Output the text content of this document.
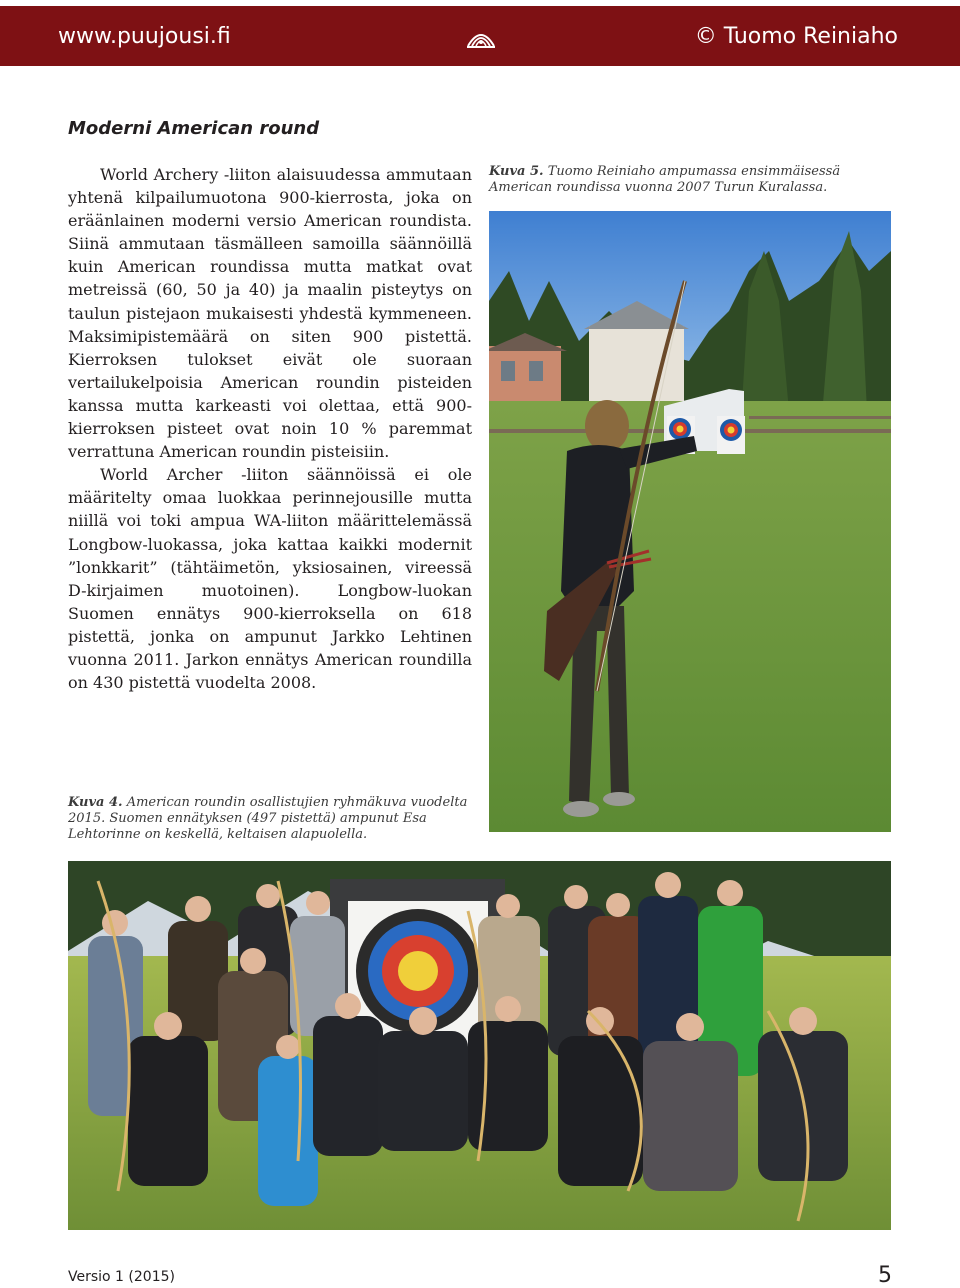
www.puujousi.fi	© Tuomo Reiniaho
Moderni American round

World Archery -liiton alaisuudessa ammutaan yhtenä kilpailumuotona 900-kierrosta, joka on eräänlainen moderni versio American roundista. Siinä ammutaan täsmälleen samoilla säännöillä kuin American roundissa mutta matkat ovat metreissä (60, 50 ja 40) ja maalin pisteytys on taulun pistejaon mukaisesti yhdestä kymmeneen. Maksimipistemäärä on siten 900 pistettä. Kierroksen tulokset eivät ole suoraan vertailukelpoisia American roundin pisteiden kanssa mutta karkeasti voi olettaa, että 900-kierroksen pisteet ovat noin 10 % paremmat verrattuna American roundin pisteisiin.

World Archer -liiton säännöissä ei ole määritelty omaa luokkaa perinnejousille mutta niillä voi toki ampua WA-liiton määrittelemässä Longbow-luokassa, joka kattaa kaikki modernit ”lonkkarit” (tähtäimetön, yksiosainen, vireessä D-kirjaimen muotoinen). Longbow-luokan Suomen ennätys 900-kierroksella on 618 pistettä, jonka on ampunut Jarkko Lehtinen vuonna 2011. Jarkon ennätys American roundilla on 430 pistettä vuodelta 2008.

Kuva 5. Tuomo Reiniaho ampumassa ensimmäisessä American roundissa vuonna 2007 Turun Kuralassa.
Kuva 4. American roundin osallistujien ryhmäkuva vuodelta 2015. Suomen ennätyksen (497 pistettä) ampunut Esa Lehtorinne on keskellä, keltaisen alapuolella.
Versio 1 (2015)	5
